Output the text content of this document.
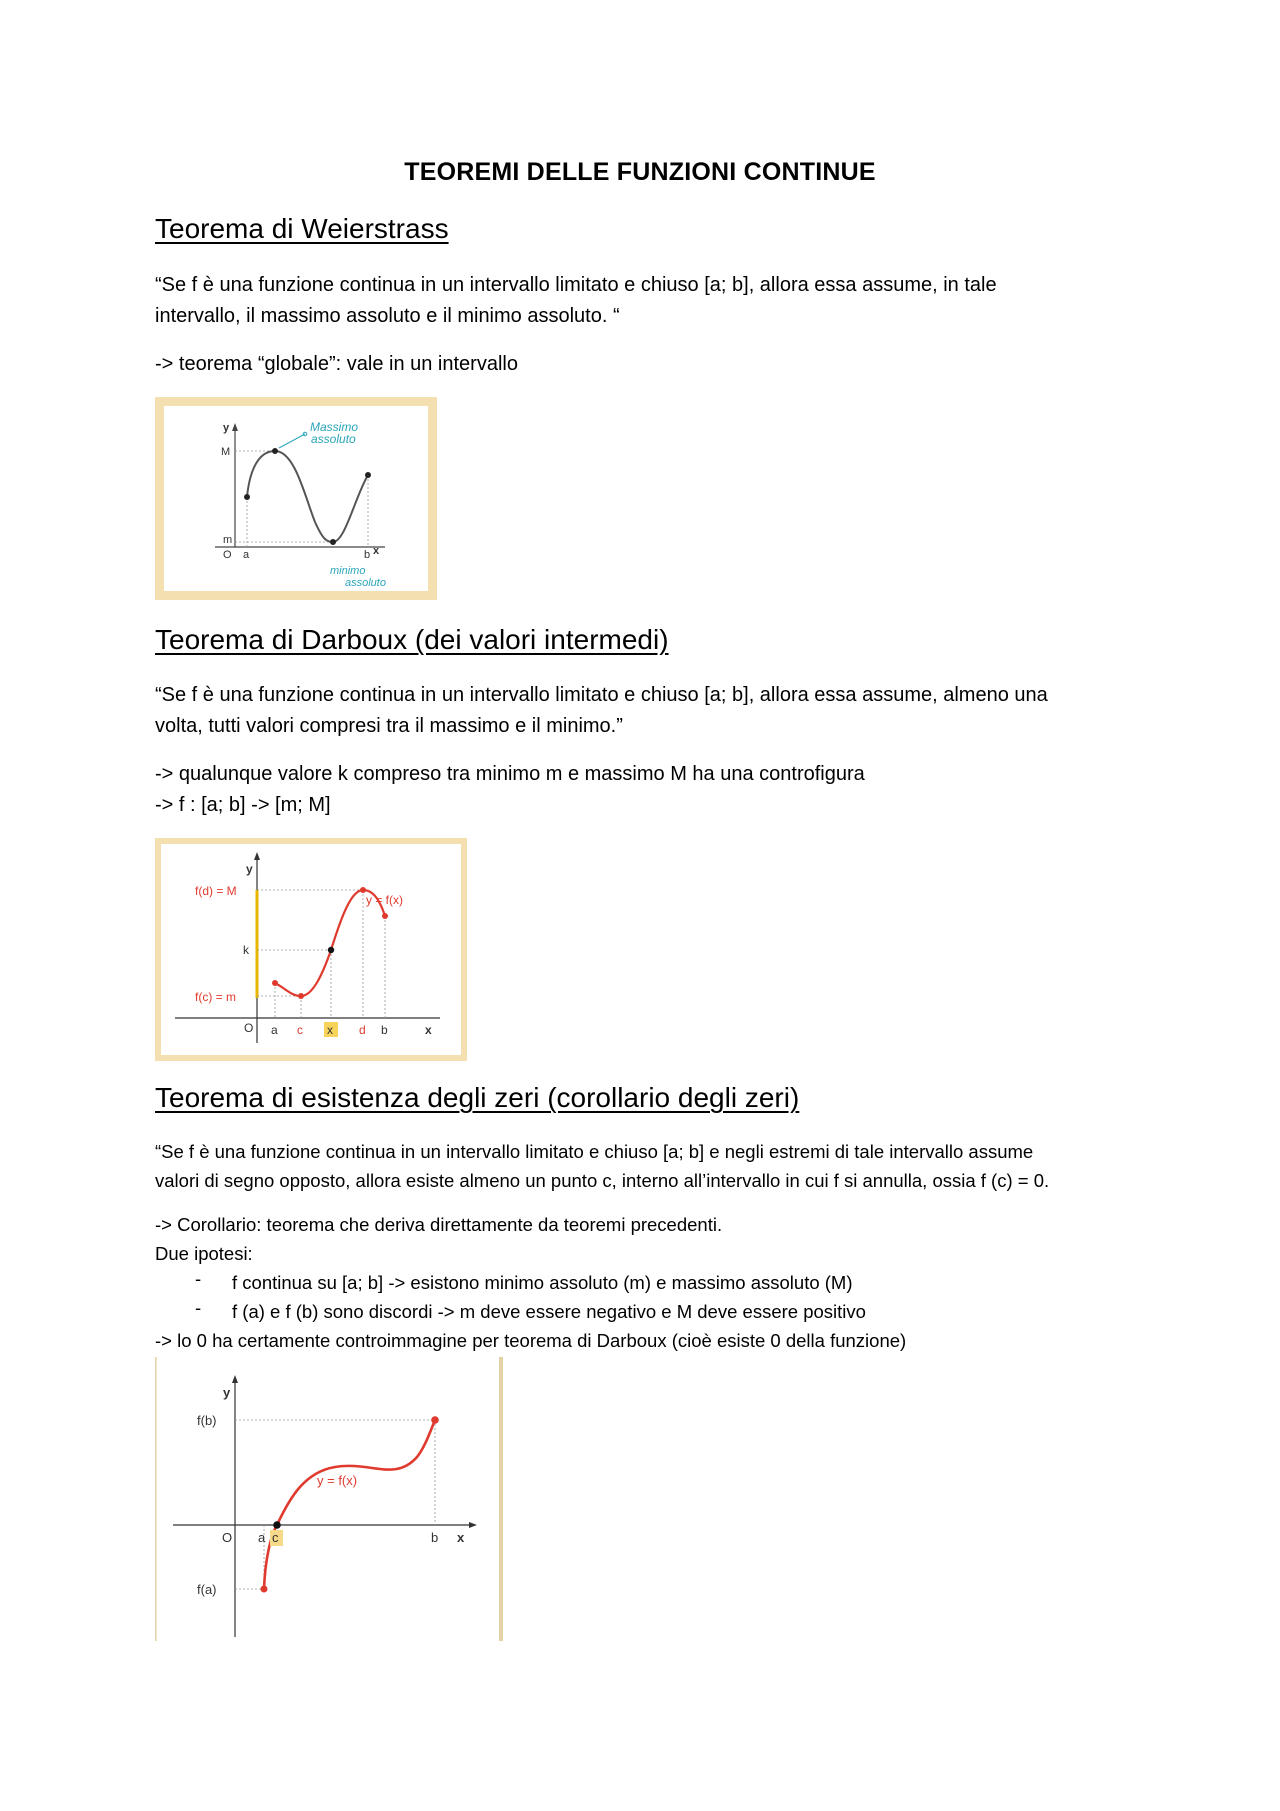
TEOREMI DELLE FUNZIONI CONTINUE
Teorema di Weierstrass
“Se f è una funzione continua in un intervallo limitato e chiuso [a; b], allora essa assume, in tale
intervallo, il massimo assoluto e il minimo assoluto. “
-> teorema “globale”: vale in un intervallo
y
M
m
O a	b x
Massimo
assoluto
minimo
assoluto
Teorema di Darboux (dei valori intermedi)
“Se f è una funzione continua in un intervallo limitato e chiuso [a; b], allora essa assume, almeno una
volta, tutti valori compresi tra il massimo e il minimo.”
-> qualunque valore k compreso tra minimo m e massimo M ha una controfigura
-> f : [a; b] -> [m; M]
y
f(d) = M
k
f(c) = m
O
y = f(x)
a c x d b	x
Teorema di esistenza degli zeri (corollario degli zeri)
“Se f è una funzione continua in un intervallo limitato e chiuso [a; b] e negli estremi di tale intervallo assume
valori di segno opposto, allora esiste almeno un punto c, interno all’intervallo in cui f si annulla, ossia f (c) = 0.
-> Corollario: teorema che deriva direttamente da teoremi precedenti.
Due ipotesi:
- f continua su [a; b] -> esistono minimo assoluto (m) e massimo assoluto (M)
- f (a) e f (b) sono discordi -> m deve essere negativo e M deve essere positivo
-> lo 0 ha certamente controimmagine per teorema di Darboux (cioè esiste 0 della funzione)
y
f(b)
f(a)
O a c	b x
y = f(x)
